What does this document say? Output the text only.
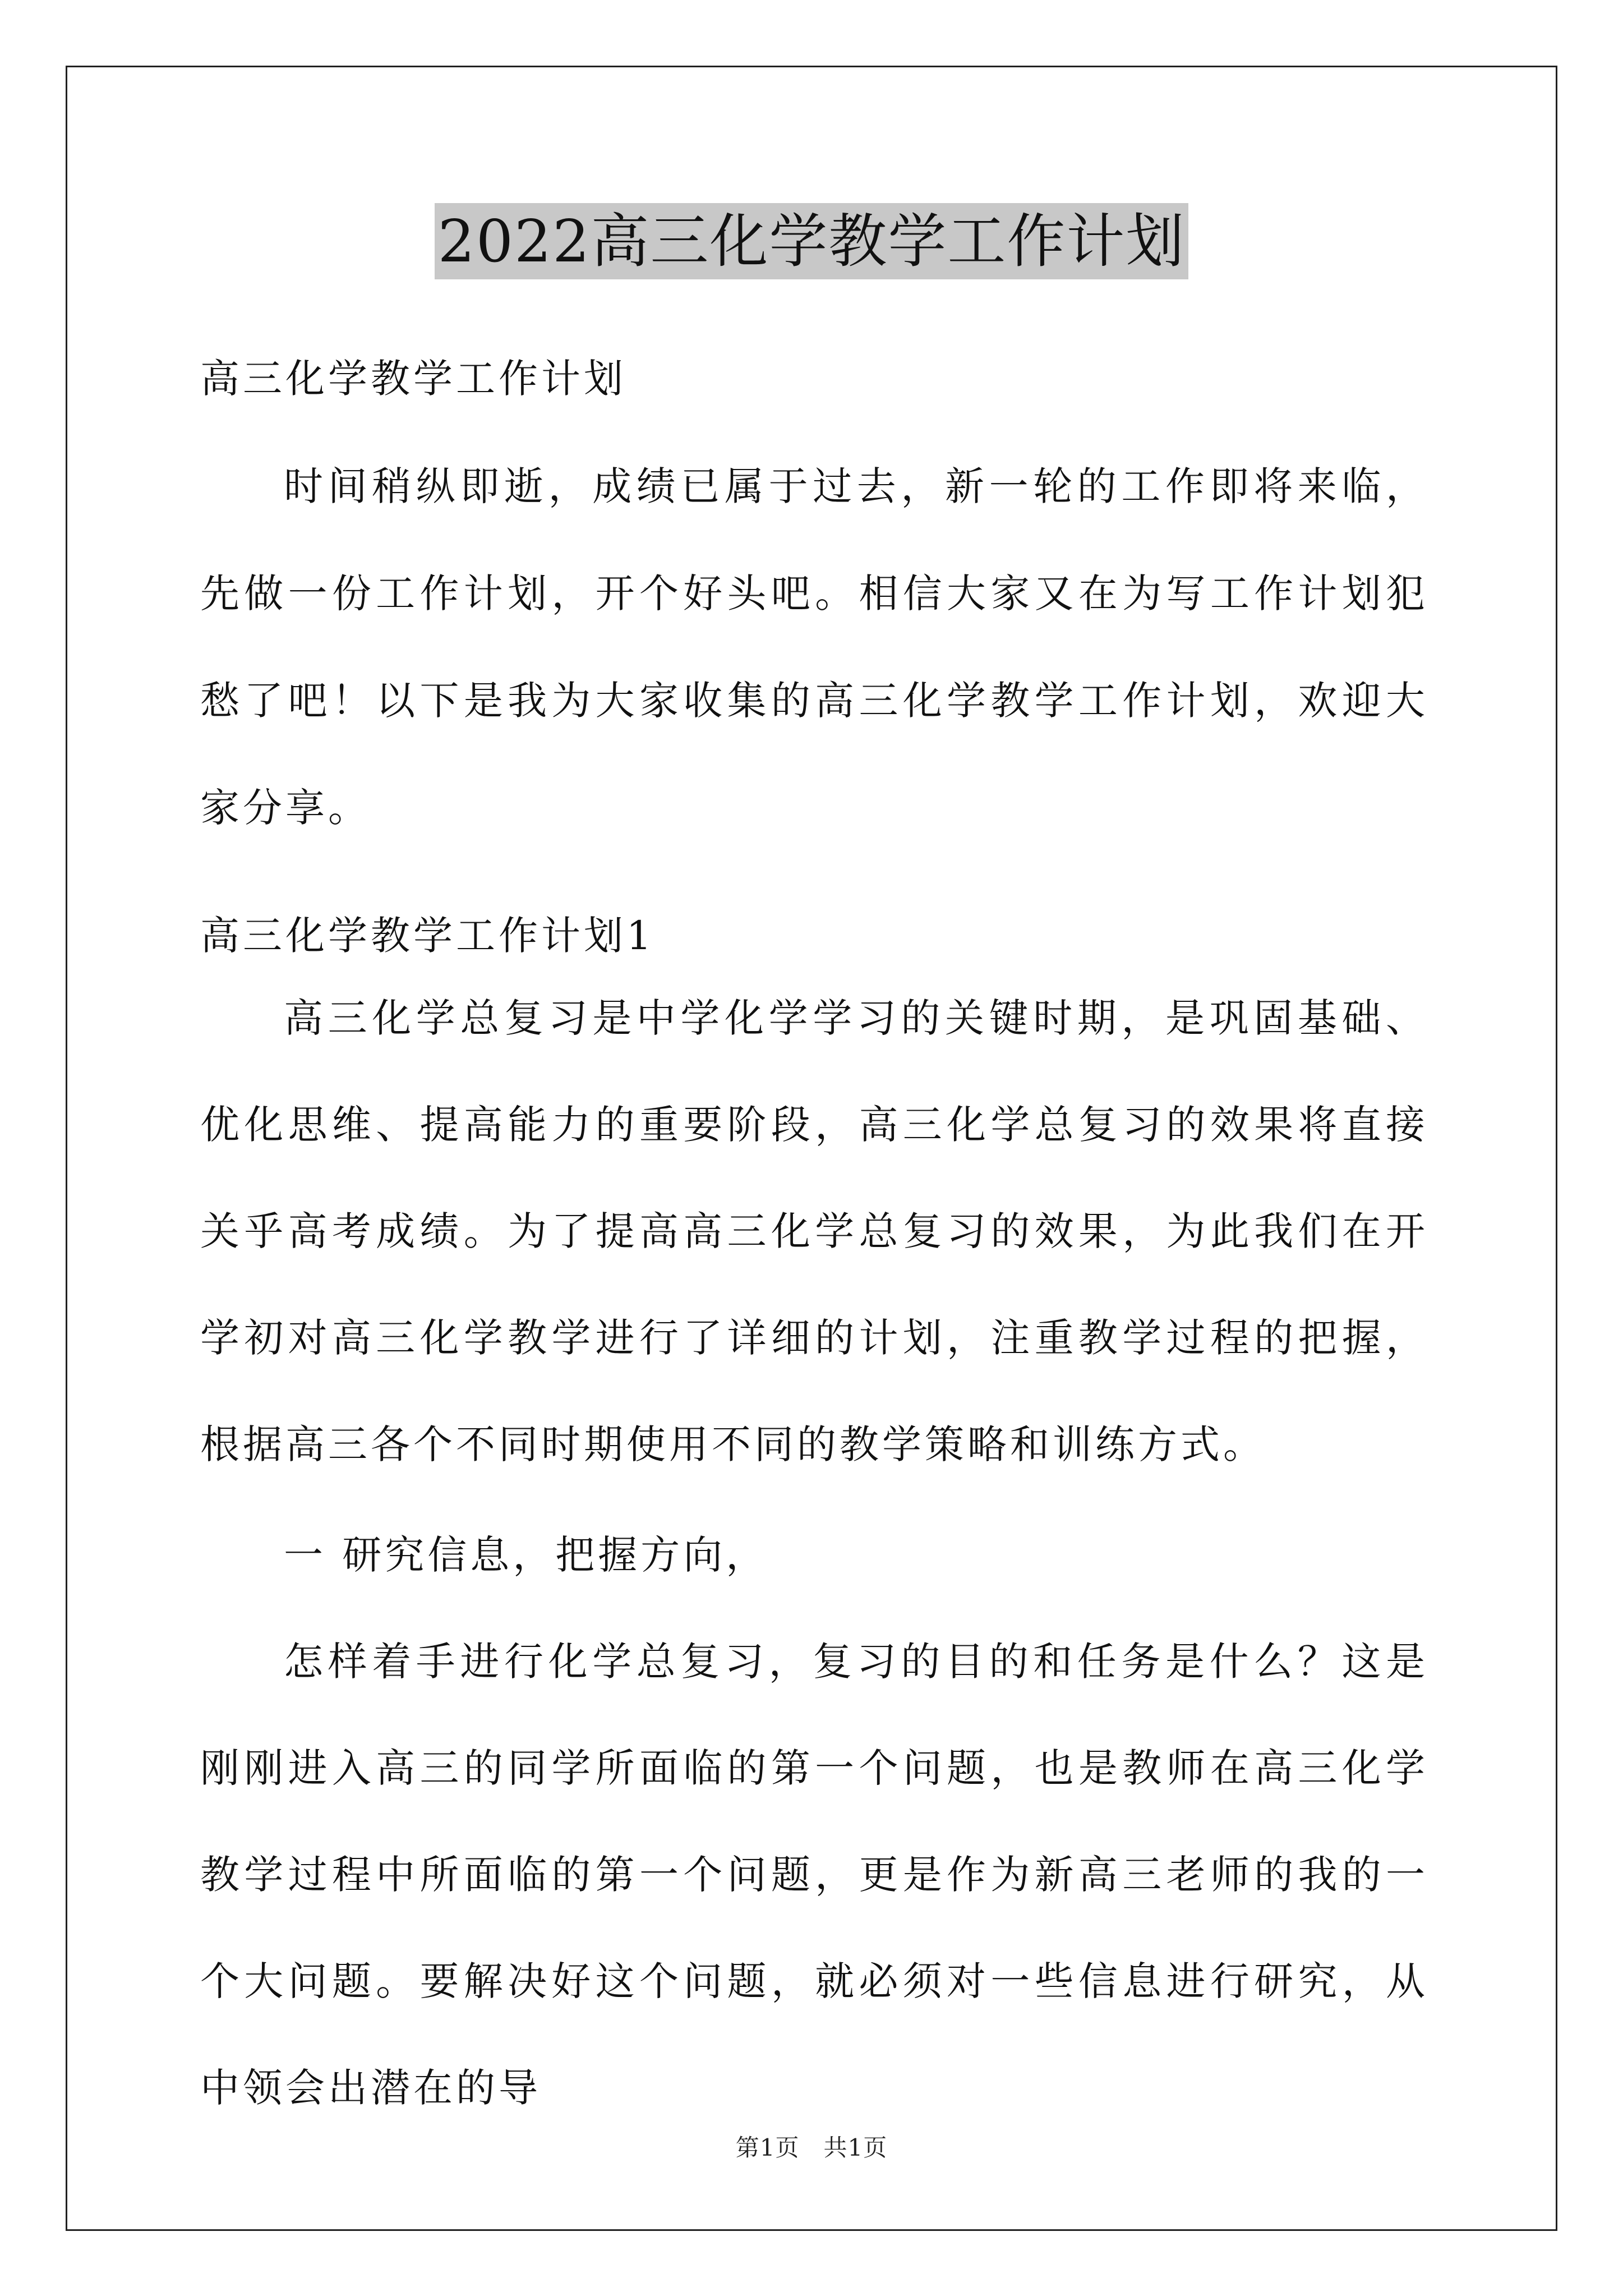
2022高三化学教学工作计划

高三化学教学工作计划

时间稍纵即逝，成绩已属于过去，新一轮的工作即将来临，先做一份工作计划，开个好头吧。相信大家又在为写工作计划犯愁了吧！以下是我为大家收集的高三化学教学工作计划，欢迎大家分享。

高三化学教学工作计划1

高三化学总复习是中学化学学习的关键时期，是巩固基础、优化思维、提高能力的重要阶段，高三化学总复习的效果将直接关乎高考成绩。为了提高高三化学总复习的效果，为此我们在开学初对高三化学教学进行了详细的计划，注重教学过程的把握，根据高三各个不同时期使用不同的教学策略和训练方式。

一 研究信息，把握方向，

怎样着手进行化学总复习，复习的目的和任务是什么？这是刚刚进入高三的同学所面临的第一个问题，也是教师在高三化学教学过程中所面临的第一个问题，更是作为新高三老师的我的一个大问题。要解决好这个问题，就必须对一些信息进行研究，从中领会出潜在的导

第1页 共1页
